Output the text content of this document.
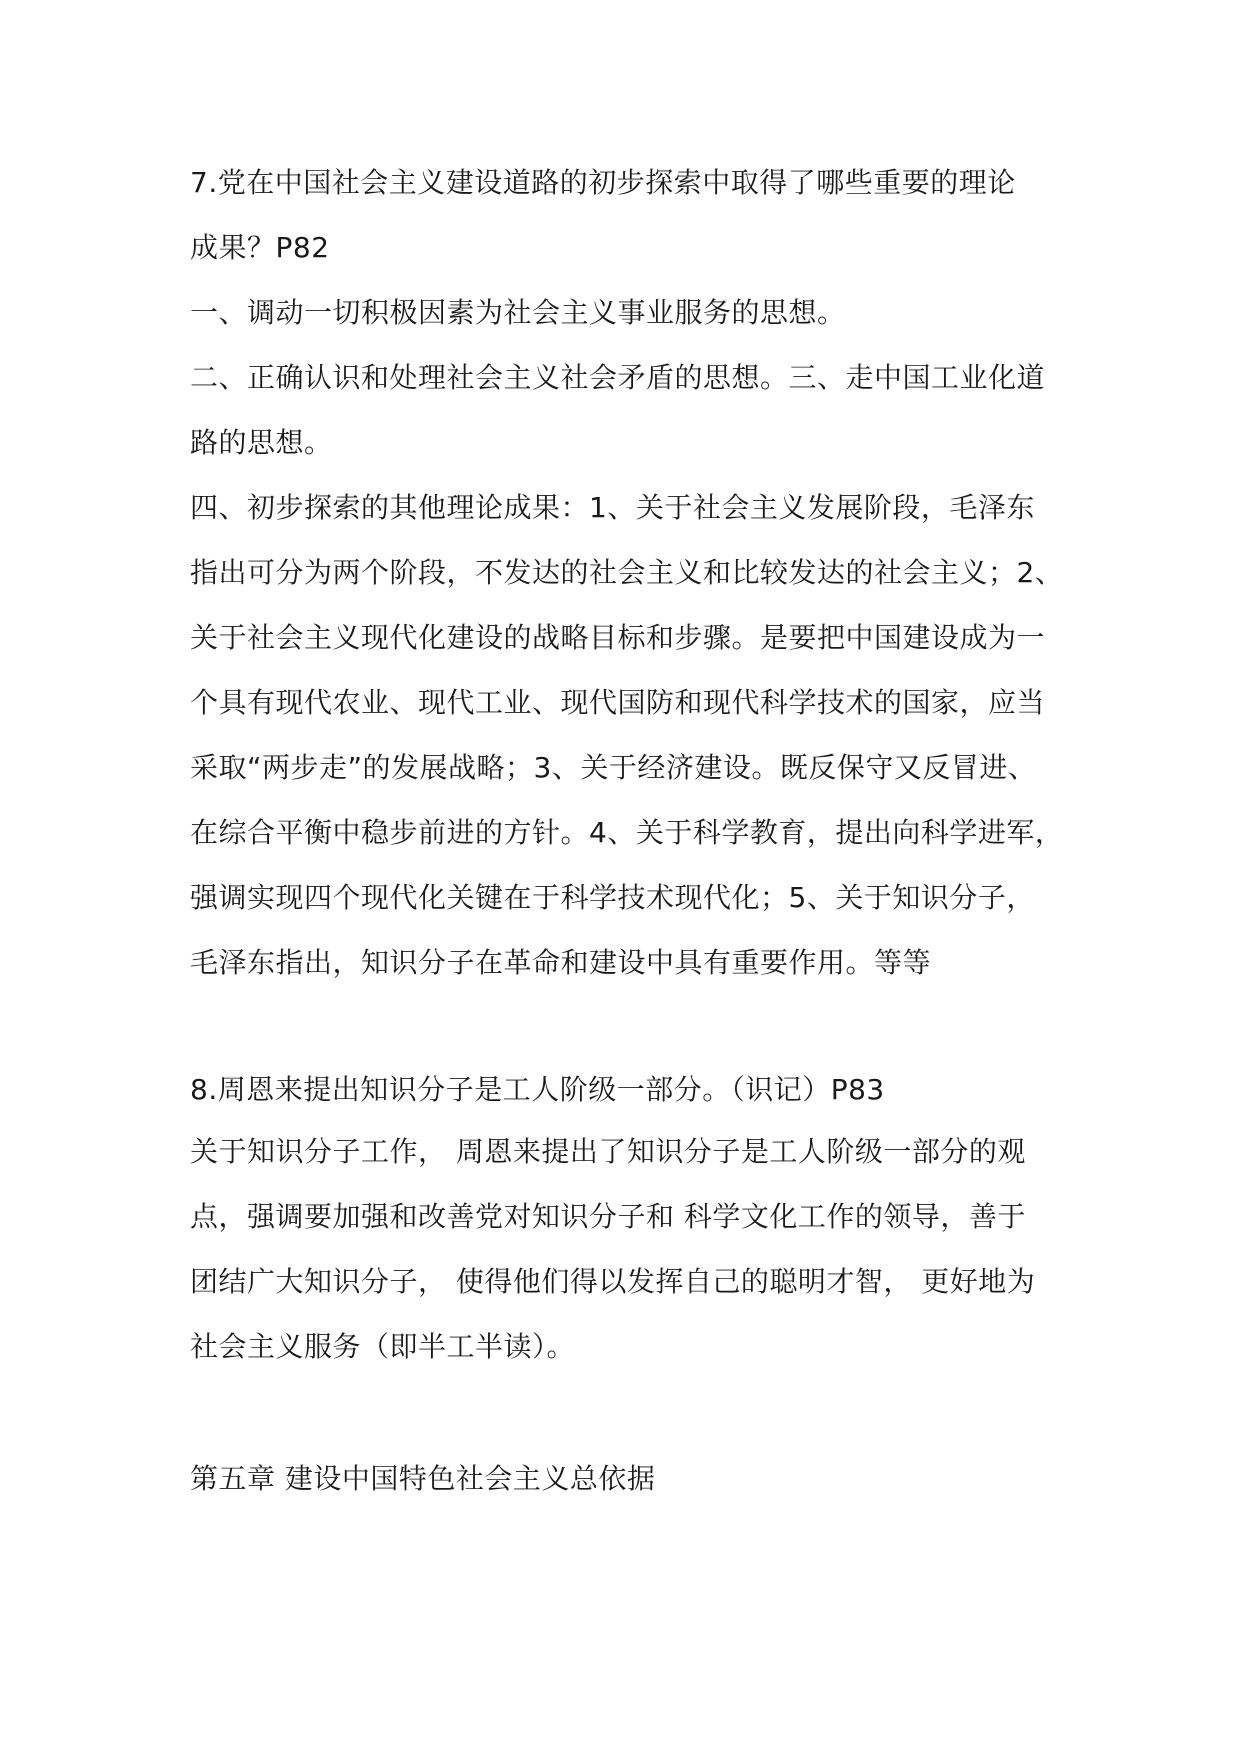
7.党在中国社会主义建设道路的初步探索中取得了哪些重要的理论
成果？P82
一、调动一切积极因素为社会主义事业服务的思想。
二、正确认识和处理社会主义社会矛盾的思想。三、走中国工业化道
路的思想。
四、初步探索的其他理论成果：1、关于社会主义发展阶段，毛泽东
指出可分为两个阶段，不发达的社会主义和比较发达的社会主义；2、
关于社会主义现代化建设的战略目标和步骤。是要把中国建设成为一
个具有现代农业、现代工业、现代国防和现代科学技术的国家，应当
采取“两步走”的发展战略；3、关于经济建设。既反保守又反冒进、
在综合平衡中稳步前进的方针。4、关于科学教育，提出向科学进军，
强调实现四个现代化关键在于科学技术现代化；5、关于知识分子，
毛泽东指出，知识分子在革命和建设中具有重要作用。等等
8.周恩来提出知识分子是工人阶级一部分。（识记）P83
关于知识分子工作， 周恩来提出了知识分子是工人阶级一部分的观
点，强调要加强和改善党对知识分子和 科学文化工作的领导，善于
团结广大知识分子， 使得他们得以发挥自己的聪明才智， 更好地为
社会主义服务（即半工半读）。
第五章 建设中国特色社会主义总依据
